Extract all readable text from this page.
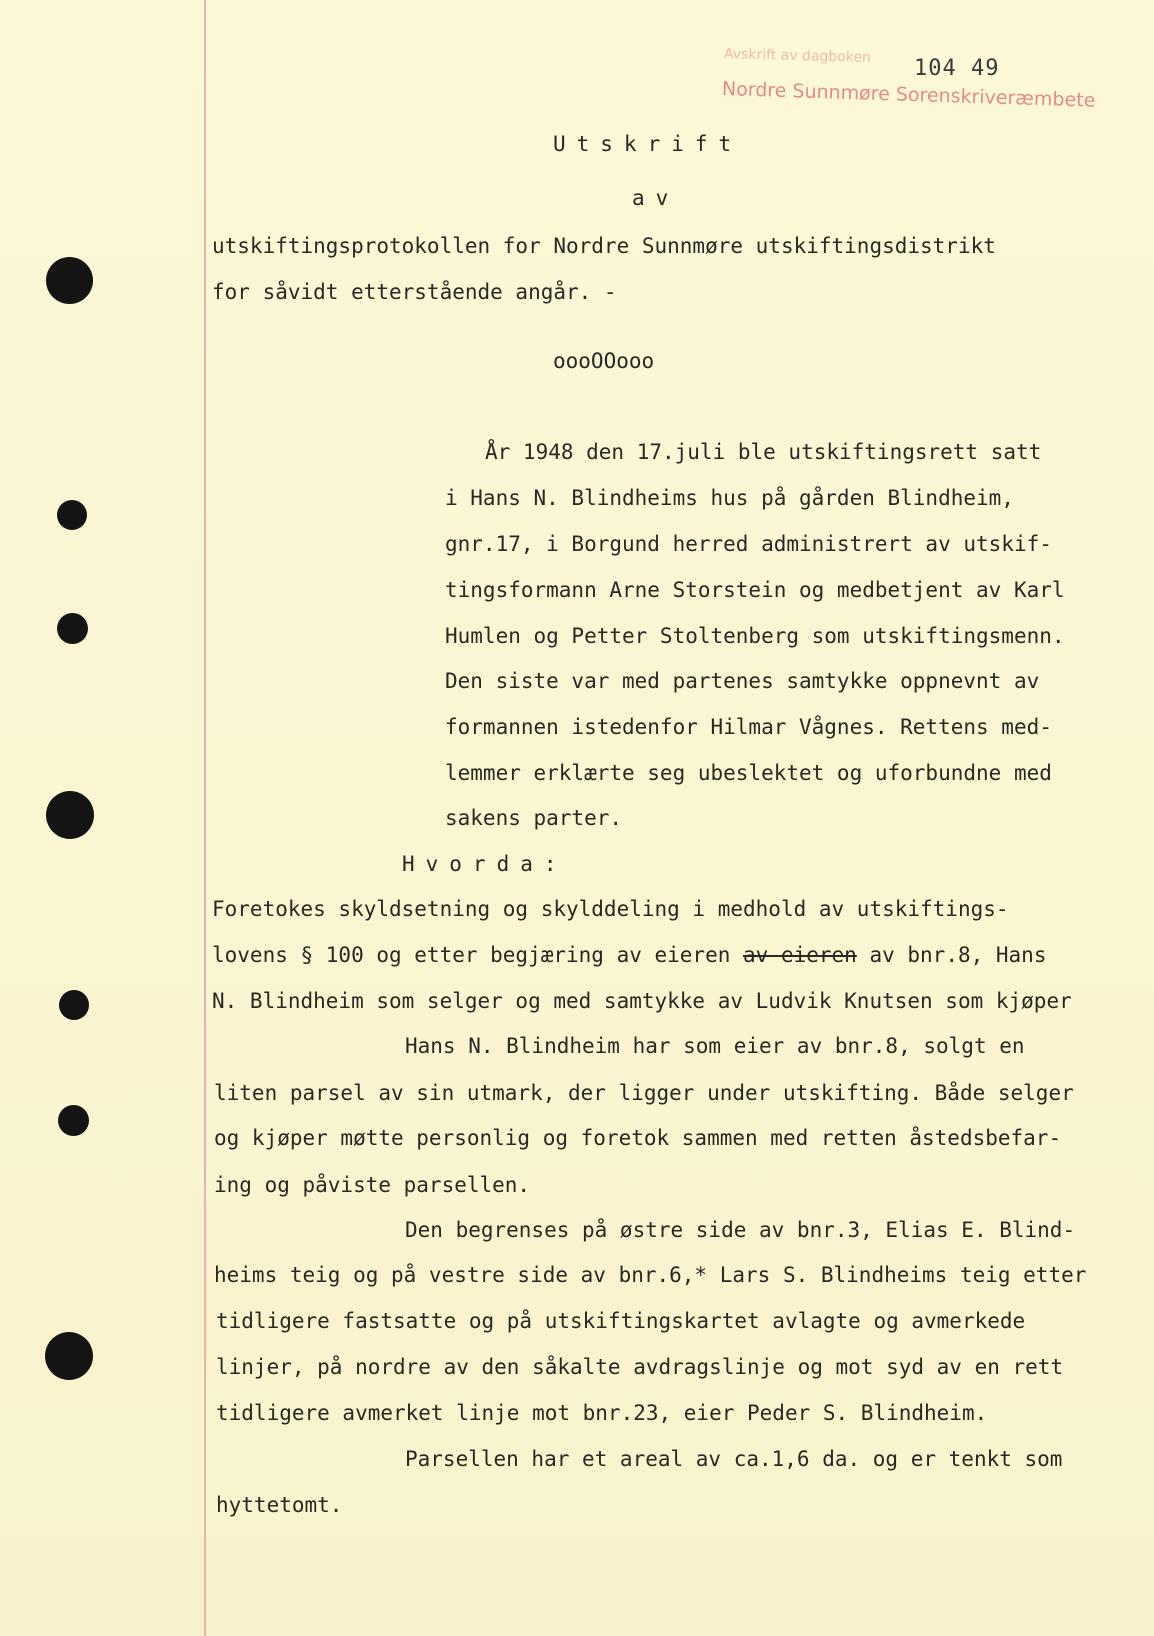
Avskrift av dagboken
Nordre Sunnmøre Sorenskriveræmbete
104 49
Utskrift
av
utskiftingsprotokollen for Nordre Sunnmøre utskiftingsdistrikt
for såvidt etterstående angår. -
oooOOooo
År 1948 den 17.juli ble utskiftingsrett satt
i Hans N. Blindheims hus på gården Blindheim,
gnr.17, i Borgund herred administrert av utskif-
tingsformann Arne Storstein og medbetjent av Karl
Humlen og Petter Stoltenberg som utskiftingsmenn.
Den siste var med partenes samtykke oppnevnt av
formannen istedenfor Hilmar Vågnes. Rettens med-
lemmer erklærte seg ubeslektet og uforbundne med
sakens parter.
Hvorda:
Foretokes skyldsetning og skylddeling i medhold av utskiftings-
lovens § 100 og etter begjæring av eieren av eieren av bnr.8, Hans
N. Blindheim som selger og med samtykke av Ludvik Knutsen som kjøper
Hans N. Blindheim har som eier av bnr.8, solgt en
liten parsel av sin utmark, der ligger under utskifting. Både selger
og kjøper møtte personlig og foretok sammen med retten åstedsbefar-
ing og påviste parsellen.
Den begrenses på østre side av bnr.3, Elias E. Blind-
heims teig og på vestre side av bnr.6,* Lars S. Blindheims teig etter
tidligere fastsatte og på utskiftingskartet avlagte og avmerkede
linjer, på nordre av den såkalte avdragslinje og mot syd av en rett
tidligere avmerket linje mot bnr.23, eier Peder S. Blindheim.
Parsellen har et areal av ca.1,6 da. og er tenkt som
hyttetomt.
